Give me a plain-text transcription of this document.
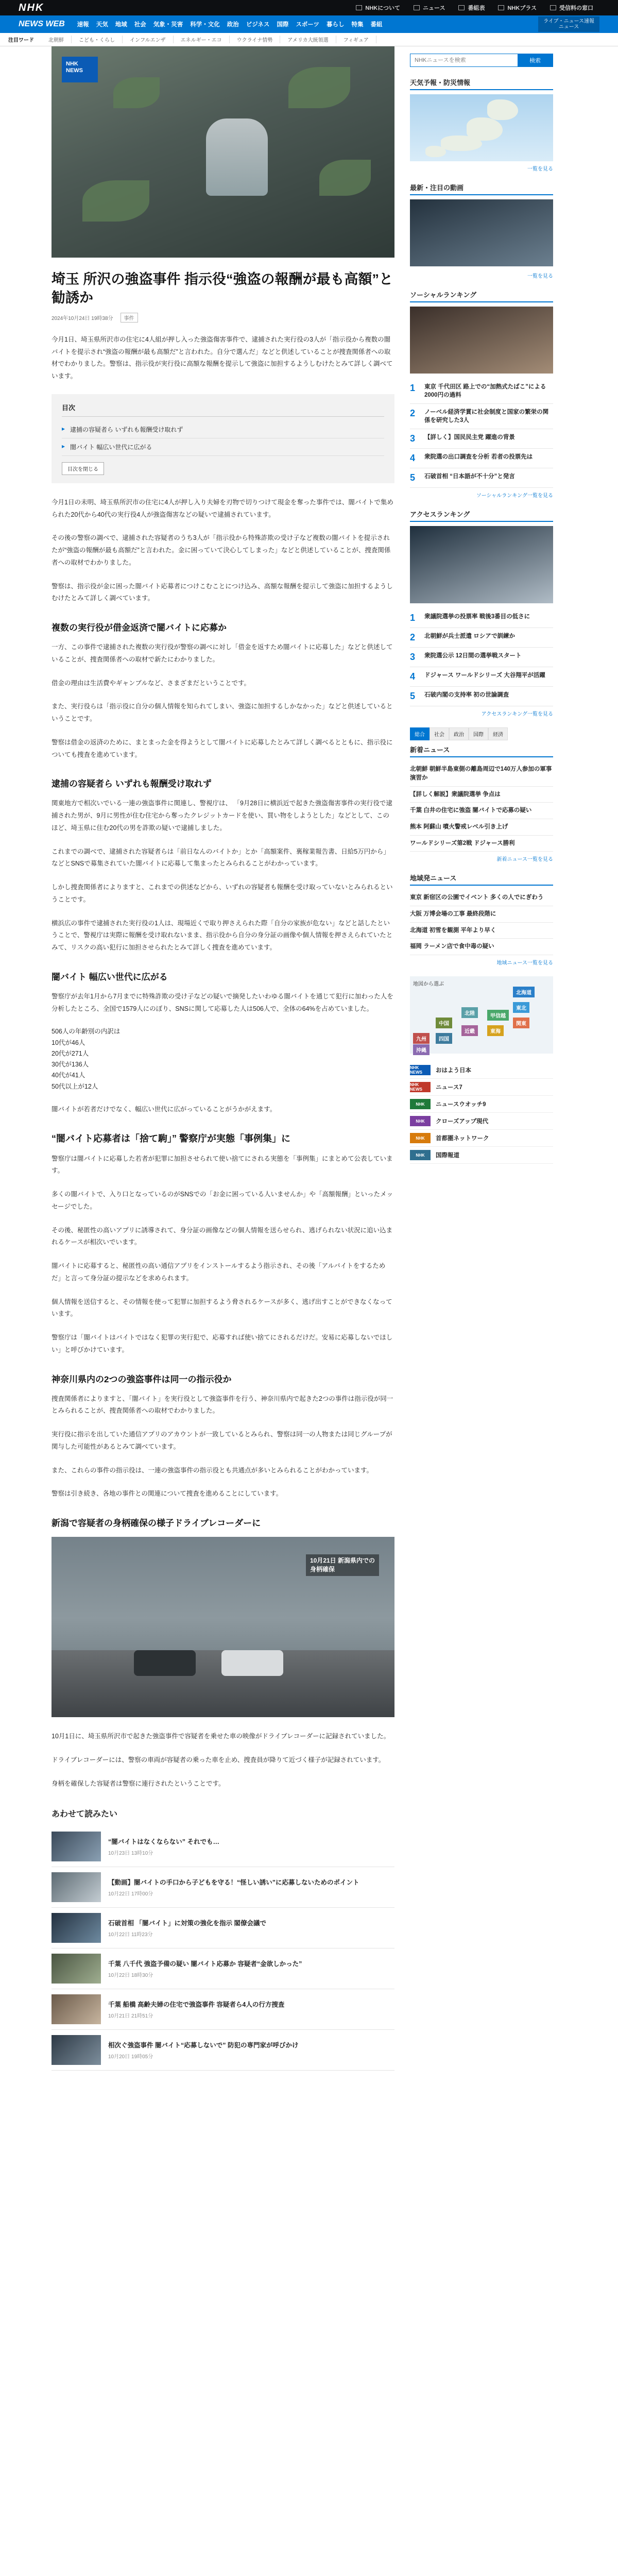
NHK	NHKについて	ニュース	番組表	NHKプラス	受信料の窓口
NEWS WEB 速報 天気 地域 社会 気象・災害 科学・文化 政治 ビジネス 国際 スポーツ 暮らし 特集 番組
ライブ・ニュース速報
ニュース
注目ワード	北朝鮮	こども・くらし	インフルエンザ	エネルギー・エコ	ウクライナ情勢	アメリカ大統領選	フィギュア
NHK
NEWS
埼玉 所沢の強盗事件 指示役“強盗の報酬が最も高額”と勧誘か
2024年10月24日 19時38分	事件

今月1日、埼玉県所沢市の住宅に4人組が押し入った強盗傷害事件で、逮捕された実行役の3人が「指示役から複数の闇バイトを提示され“強盗の報酬が最も高額だ”と言われた。自分で選んだ」などと供述していることが捜査関係者への取材でわかりました。警察は、指示役が実行役に高額な報酬を提示して強盗に加担するようしむけたとみて詳しく調べています。

目次
▸ 逮捕の容疑者ら いずれも報酬受け取れず
▸ 闇バイト 幅広い世代に広がる
目次を閉じる

今月1日の未明、埼玉県所沢市の住宅に4人が押し入り夫婦を刃物で切りつけて現金を奪った事件では、闇バイトで集められた20代から40代の実行役4人が強盗傷害などの疑いで逮捕されています。

その後の警察の調べで、逮捕された容疑者のうち3人が「指示役から特殊詐欺の受け子など複数の闇バイトを提示されたが“強盗の報酬が最も高額だ”と言われた。金に困っていて決心してしまった」などと供述していることが、捜査関係者への取材でわかりました。

警察は、指示役が金に困った闇バイト応募者につけこむことにつけ込み、高額な報酬を提示して強盗に加担するようしむけたとみて詳しく調べています。

複数の実行役が借金返済で闇バイトに応募か

一方、この事件で逮捕された複数の実行役が警察の調べに対し「借金を返すため闇バイトに応募した」などと供述していることが、捜査関係者への取材で新たにわかりました。

借金の理由は生活費やギャンブルなど、さまざまだということです。

また、実行役らは「指示役に自分の個人情報を知られてしまい、強盗に加担するしかなかった」などと供述しているということです。

警察は借金の返済のために、まとまった金を得ようとして闇バイトに応募したとみて詳しく調べるとともに、指示役についても捜査を進めています。

逮捕の容疑者ら いずれも報酬受け取れず

関東地方で相次いでいる一連の強盗事件に関連し、警視庁は、 「9月28日に横浜近で起きた強盗傷害事件の実行役で逮捕された男が、9月に男性が住む住宅から奪ったクレジットカードを使い、買い物をしようとした」などとして、このほど、埼玉県に住む20代の男を詐欺の疑いで逮捕しました。

これまでの調べで、逮捕された容疑者らは「前日なんのバイトか」とか「高額案件、裏稼業報告書、日給5万円から」などとSNSで募集されていた闇バイトに応募して集まったとみられることがわかっています。

しかし捜査関係者によりますと、これまでの供述などから、いずれの容疑者も報酬を受け取っていないとみられるということです。

横浜広の事件で逮捕された実行役の1人は、現場近くで取り押さえられた際「自分の家族が危ない」などと話したということで、警視庁は実際に報酬を受け取れないまま、指示役から自分の身分証の画像や個人情報を押さえられていたとみて、リスクの高い犯行に加担させられたとみて詳しく捜査を進めています。

闇バイト 幅広い世代に広がる

警察庁が去年1月から7月までに特殊詐欺の受け子などの疑いで摘発したいわゆる闇バイトを通じて犯行に加わった人を分析したところ、全国で1579人にのぼり、SNSに関して応募した人は506人で、全体の64%を占めていました。

506人の年齢別の内訳は

10代が46人

20代が271人

30代が136人

40代が41人

50代以上が12人

闇バイトが若者だけでなく、幅広い世代に広がっていることがうかがえます。

“闇バイト応募者は「捨て駒」” 警察庁が実態「事例集」に

警察庁は闇バイトに応募した若者が犯罪に加担させられて使い捨てにされる実態を「事例集」にまとめて公表しています。

多くの闇バイトで、入り口となっているのがSNSでの「お金に困っている人いませんか」や「高額報酬」といったメッセージでした。

その後、秘匿性の高いアプリに誘導されて、身分証の画像などの個人情報を送らせられ、逃げられない状況に追い込まれるケースが相次いでいます。

闇バイトに応募すると、秘匿性の高い通信アプリをインストールするよう指示され、その後「アルバイトをするためだ」と言って身分証の提示などを求められます。

個人情報を送信すると、その情報を使って犯罪に加担するよう脅されるケースが多く、逃げ出すことができなくなっています。

警察庁は「闇バイトはバイトではなく犯罪の実行犯で、応募すれば使い捨てにされるだけだ。安易に応募しないでほしい」と呼びかけています。

神奈川県内の2つの強盗事件は同一の指示役か

捜査関係者によりますと、「闇バイト」を実行役として強盗事件を行う、神奈川県内で起きた2つの事件は指示役が同一とみられることが、捜査関係者への取材でわかりました。

実行役に指示を出していた通信アプリのアカウントが一致しているとみられ、警察は同一の人物または同じグループが関与した可能性があるとみて調べています。

また、これらの事件の指示役は、一連の強盗事件の指示役とも共通点が多いとみられることがわかっています。

警察は引き続き、各地の事件との関連について捜査を進めることにしています。

新潟で容疑者の身柄確保の様子ドライブレコーダーに
10月21日 新潟県内での
身柄確保

10月1日に、埼玉県所沢市で起きた強盗事件で容疑者を乗せた車の映像がドライブレコーダーに記録されていました。

ドライブレコーダーには、警察の車両が容疑者の乗った車を止め、捜査員が降りて近づく様子が記録されています。

身柄を確保した容疑者は警察に連行されたということです。

あわせて読みたい
“闇バイトはなくならない” それでも…
10月23日 13時10分
【動画】闇バイトの手口から子どもを守る！“怪しい誘い”に応募しないためのポイント
10月22日 17時00分
石破首相 「闇バイト」に対策の強化を指示 閣僚会議で
10月22日 11時23分
千葉 八千代 強盗予備の疑い 闇バイト応募か 容疑者“金欲しかった”
10月22日 18時30分
千葉 船橋 高齢夫婦の住宅で強盗事件 容疑者ら4人の行方捜査
10月21日 21時51分
相次ぐ強盗事件 闇バイト“応募しないで” 防犯の専門家が呼びかけ
10月20日 19時05分
NHKニュースを検索
検索
天気予報・防災情報
一覧を見る
最新・注目の動画
一覧を見る
ソーシャルランキング
1	東京 千代田区 路上での“加熱式たばこ”による2000円の過料
2	ノーベル経済学賞に社会制度と国家の繁栄の関係を研究した3人
3	【詳しく】国民民主党 躍進の背景
4	衆院選の出口調査を分析 若者の投票先は
5	石破首相 “日本語が不十分”と発言
ソーシャルランキング一覧を見る
アクセスランキング
1	衆議院選挙の投票率 戦後3番目の低さに
2	北朝鮮が兵士派遣 ロシアで訓練か
3	衆院選公示 12日間の選挙戦スタート
4	ドジャース ワールドシリーズ 大谷翔平が活躍
5	石破内閣の支持率 初の世論調査
アクセスランキング一覧を見る
総合	社会	政治	国際	経済
新着ニュース
北朝鮮 朝鮮半島東側の離島周辺で140万人参加の軍事演習か
【詳しく解説】衆議院選挙 争点は
千葉 白井の住宅に強盗 闇バイトで応募の疑い
熊本 阿蘇山 噴火警戒レベル引き上げ
ワールドシリーズ第2戦 ドジャース勝利
新着ニュース一覧を見る
地域発ニュース
東京 新宿区の公園でイベント 多くの人でにぎわう
大阪 万博会場の工事 最終段階に
北海道 初雪を観測 平年より早く
福岡 ラーメン店で食中毒の疑い
地域ニュース一覧を見る
地図から選ぶ
北海道
東北
関東
甲信越
東海
北陸
近畿
中国
四国
九州
沖縄
NHK NEWS	おはよう日本
NHK NEWS	ニュース7
NHK	ニュースウオッチ9
NHK	クローズアップ現代
NHK	首都圏ネットワーク
NHK	国際報道
